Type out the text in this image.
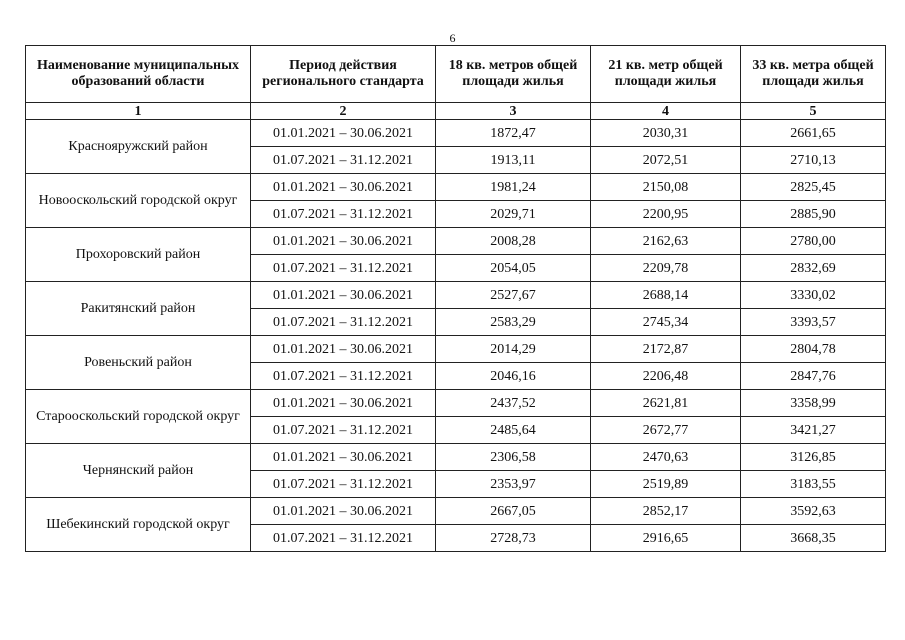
6
Наименование муниципальных образований области	Период действия регионального стандарта	18 кв. метров общей площади жилья	21 кв. метр общей площади жилья	33 кв. метра общей площади жилья
1	2	3	4	5
Краснояружский район	01.01.2021 – 30.06.2021	1872,47	2030,31	2661,65
	01.07.2021 – 31.12.2021	1913,11	2072,51	2710,13
Новооскольский городской округ	01.01.2021 – 30.06.2021	1981,24	2150,08	2825,45
	01.07.2021 – 31.12.2021	2029,71	2200,95	2885,90
Прохоровский район	01.01.2021 – 30.06.2021	2008,28	2162,63	2780,00
	01.07.2021 – 31.12.2021	2054,05	2209,78	2832,69
Ракитянский район	01.01.2021 – 30.06.2021	2527,67	2688,14	3330,02
	01.07.2021 – 31.12.2021	2583,29	2745,34	3393,57
Ровеньский район	01.01.2021 – 30.06.2021	2014,29	2172,87	2804,78
	01.07.2021 – 31.12.2021	2046,16	2206,48	2847,76
Старооскольский городской округ	01.01.2021 – 30.06.2021	2437,52	2621,81	3358,99
	01.07.2021 – 31.12.2021	2485,64	2672,77	3421,27
Чернянский район	01.01.2021 – 30.06.2021	2306,58	2470,63	3126,85
	01.07.2021 – 31.12.2021	2353,97	2519,89	3183,55
Шебекинский городской округ	01.01.2021 – 30.06.2021	2667,05	2852,17	3592,63
	01.07.2021 – 31.12.2021	2728,73	2916,65	3668,35
